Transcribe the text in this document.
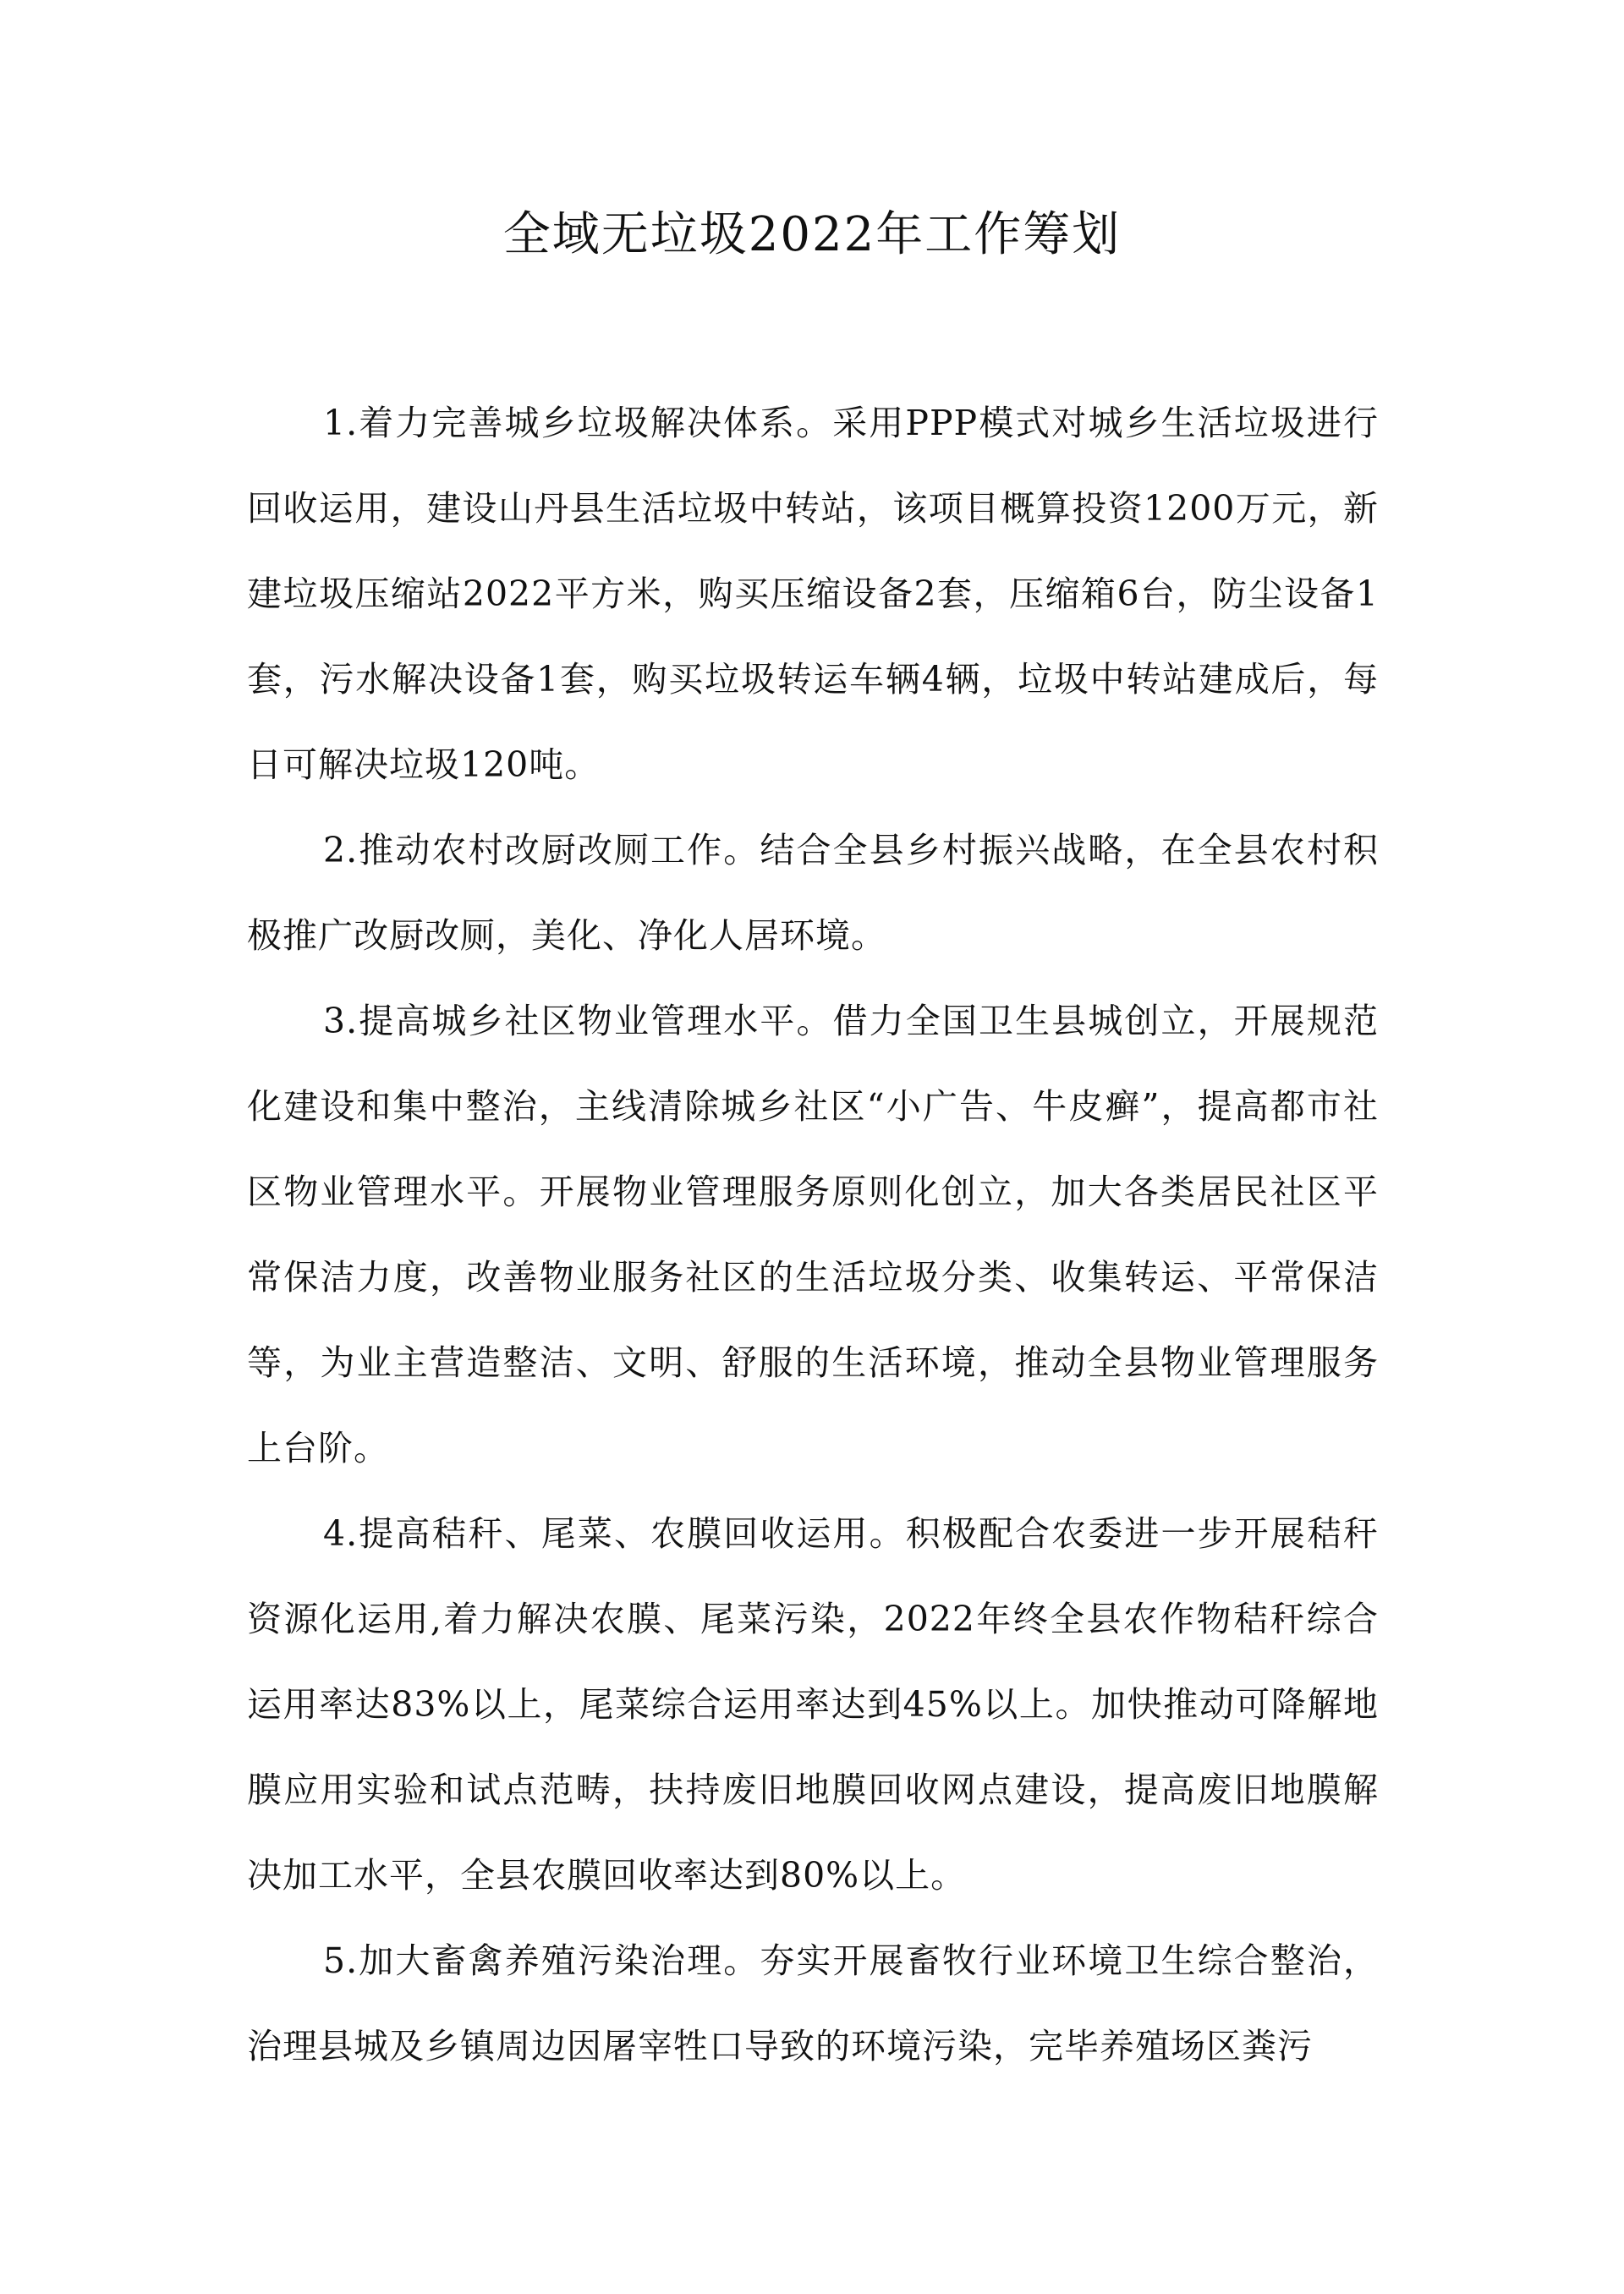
全域无垃圾2022年工作筹划

1.着力完善城乡垃圾解决体系。采用PPP模式对城乡生活垃圾进行回收运用，建设山丹县生活垃圾中转站，该项目概算投资1200万元，新建垃圾压缩站2022平方米，购买压缩设备2套，压缩箱6台，防尘设备1套，污水解决设备1套，购买垃圾转运车辆4辆，垃圾中转站建成后，每日可解决垃圾120吨。

2.推动农村改厨改厕工作。结合全县乡村振兴战略，在全县农村积极推广改厨改厕，美化、净化人居环境。

3.提高城乡社区物业管理水平。借力全国卫生县城创立，开展规范化建设和集中整治，主线清除城乡社区“小广告、牛皮癣”，提高都市社区物业管理水平。开展物业管理服务原则化创立，加大各类居民社区平常保洁力度，改善物业服务社区的生活垃圾分类、收集转运、平常保洁等，为业主营造整洁、文明、舒服的生活环境，推动全县物业管理服务上台阶。

4.提高秸秆、尾菜、农膜回收运用。积极配合农委进一步开展秸秆资源化运用,着力解决农膜、尾菜污染，2022年终全县农作物秸秆综合运用率达83%以上，尾菜综合运用率达到45%以上。加快推动可降解地膜应用实验和试点范畴，扶持废旧地膜回收网点建设，提高废旧地膜解决加工水平，全县农膜回收率达到80%以上。

5.加大畜禽养殖污染治理。夯实开展畜牧行业环境卫生综合整治，治理县城及乡镇周边因屠宰牲口导致的环境污染，完毕养殖场区粪污
